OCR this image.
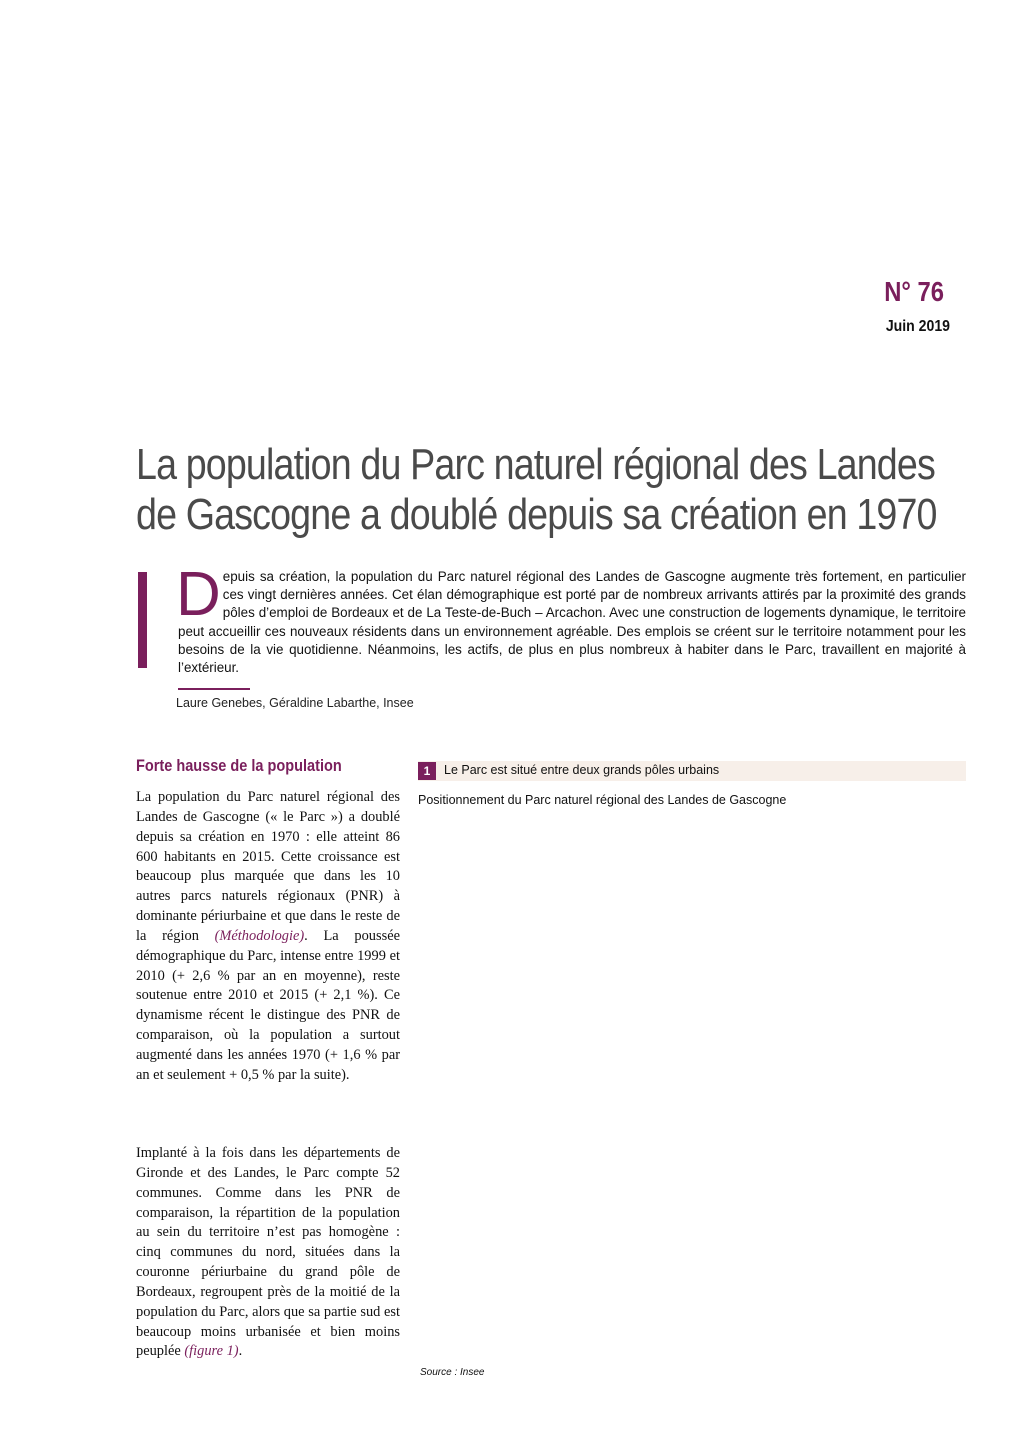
N° 76
Juin 2019
La population du Parc naturel régional des Landes de Gascogne a doublé depuis sa création en 1970

Depuis sa création, la population du Parc naturel régional des Landes de Gascogne augmente très fortement, en particulier ces vingt dernières années. Cet élan démographique est porté par de nombreux arrivants attirés par la proximité des grands pôles d’emploi de Bordeaux et de La Teste-de-Buch – Arcachon. Avec une construction de logements dynamique, le territoire peut accueillir ces nouveaux résidents dans un environnement agréable. Des emplois se créent sur le territoire notamment pour les besoins de la vie quotidienne. Néanmoins, les actifs, de plus en plus nombreux à habiter dans le Parc, travaillent en majorité à l’extérieur.

Laure Genebes, Géraldine Labarthe, Insee
Forte hausse de la population

La population du Parc naturel régional des Landes de Gascogne (« le Parc ») a doublé depuis sa création en 1970 : elle atteint 86 600 habitants en 2015. Cette croissance est beaucoup plus marquée que dans les 10 autres parcs naturels régionaux (PNR) à dominante périurbaine et que dans le reste de la région (Méthodologie). La poussée démographique du Parc, intense entre 1999 et 2010 (+ 2,6 % par an en moyenne), reste soutenue entre 2010 et 2015 (+ 2,1 %). Ce dynamisme récent le distingue des PNR de comparaison, où la population a surtout augmenté dans les années 1970 (+ 1,6 % par an et seulement + 0,5 % par la suite).

Implanté à la fois dans les départements de Gironde et des Landes, le Parc compte 52 communes. Comme dans les PNR de comparaison, la répartition de la population au sein du territoire n’est pas homogène : cinq communes du nord, situées dans la couronne périurbaine du grand pôle de Bordeaux, regroupent près de la moitié de la population du Parc, alors que sa partie sud est beaucoup moins urbanisée et bien moins peuplée (figure 1).

1	Le Parc est situé entre deux grands pôles urbains
Positionnement du Parc naturel régional des Landes de Gascogne
Source : Insee
